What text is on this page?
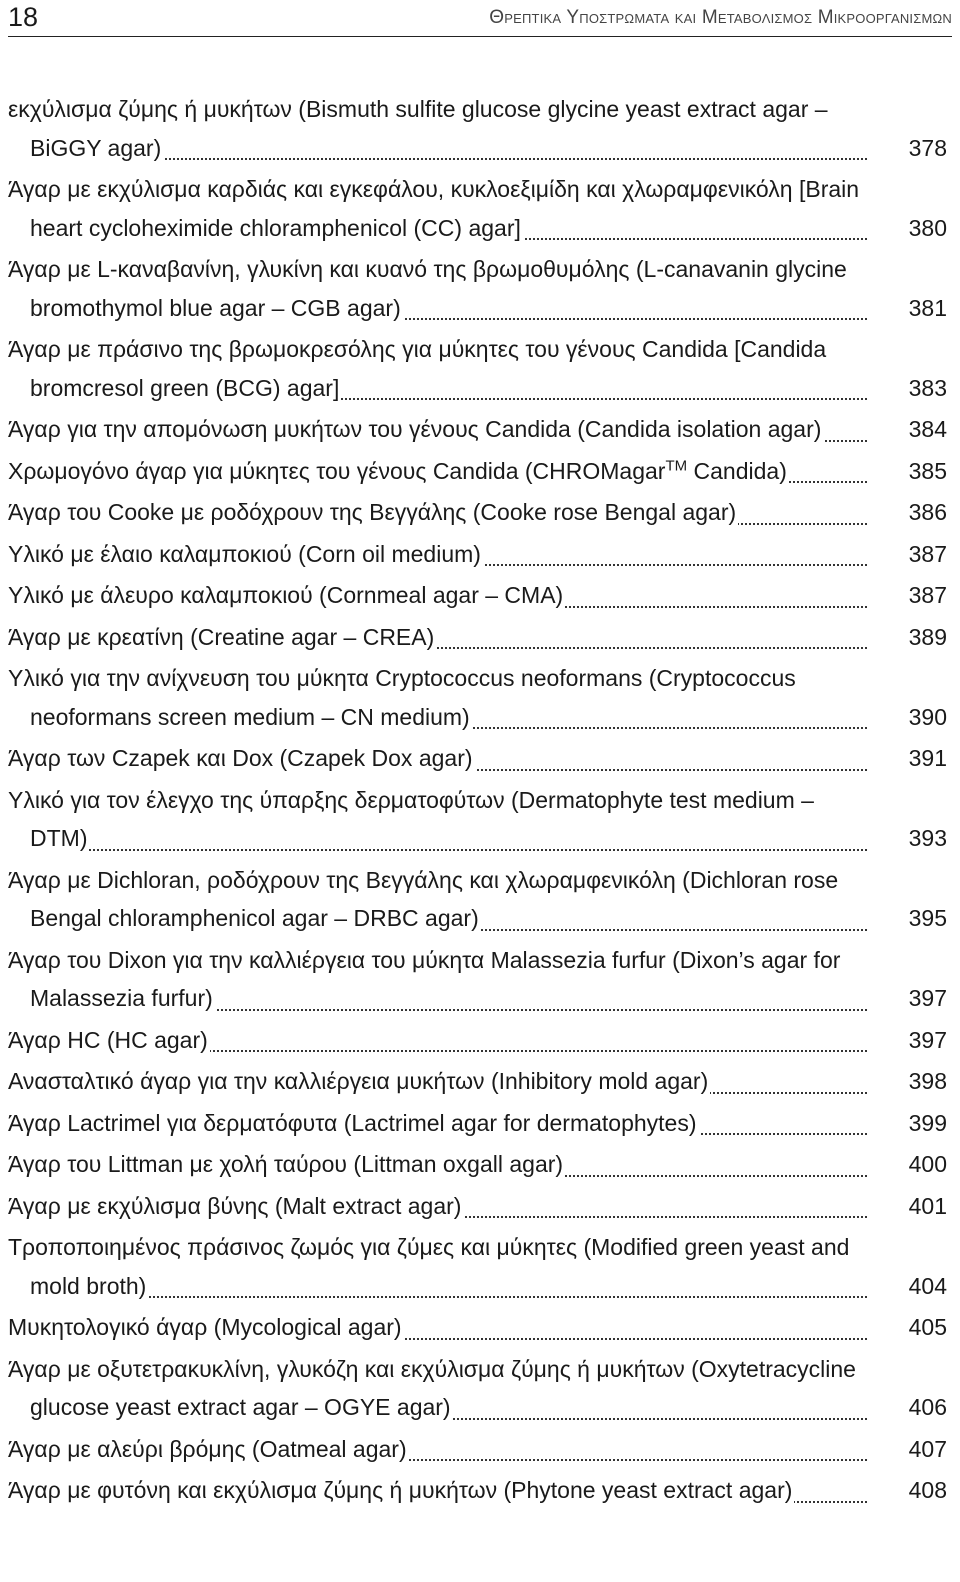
18	Θρεπτικα Υποστρωματα και Μεταβολισμος Μικροοργανισμων
εκχύλισμα ζύμης ή μυκήτων (Bismuth sulfite glucose glycine yeast extract agar – BiGGY agar)	378
Άγαρ με εκχύλισμα καρδιάς και εγκεφάλου, κυκλοεξιμίδη και χλωραμφενικόλη [Brain heart cycloheximide chloramphenicol (CC) agar]	380
Άγαρ με L-καναβανίνη, γλυκίνη και κυανό της βρωμοθυμόλης (L-canavanin glycine bromothymol blue agar – CGB agar)	381
Άγαρ με πράσινο της βρωμοκρεσόλης για μύκητες του γένους Candida [Candida bromcresol green (BCG) agar]	383
Άγαρ για την απομόνωση μυκήτων του γένους Candida (Candida isolation agar)	384
Χρωμογόνο άγαρ για μύκητες του γένους Candida (CHROMagar™ Candida)	385
Άγαρ του Cooke με ροδόχρουν της Βεγγάλης (Cooke rose Bengal agar)	386
Υλικό με έλαιο καλαμποκιού (Corn oil medium)	387
Υλικό με άλευρο καλαμποκιού (Cornmeal agar – CMA)	387
Άγαρ με κρεατίνη (Creatine agar – CREA)	389
Υλικό για την ανίχνευση του μύκητα Cryptococcus neoformans (Cryptococcus neoformans screen medium – CN medium)	390
Άγαρ των Czapek και Dox (Czapek Dox agar)	391
Υλικό για τον έλεγχο της ύπαρξης δερματοφύτων (Dermatophyte test medium – DTM)	393
Άγαρ με Dichloran, ροδόχρουν της Βεγγάλης και χλωραμφενικόλη (Dichloran rose Bengal chloramphenicol agar – DRBC agar)	395
Άγαρ του Dixon για την καλλιέργεια του μύκητα Malassezia furfur (Dixon’s agar for Malassezia furfur)	397
Άγαρ HC (HC agar)	397
Ανασταλτικό άγαρ για την καλλιέργεια μυκήτων (Inhibitory mold agar)	398
Άγαρ Lactrimel για δερματόφυτα (Lactrimel agar for dermatophytes)	399
Άγαρ του Littman με χολή ταύρου (Littman oxgall agar)	400
Άγαρ με εκχύλισμα βύνης (Malt extract agar)	401
Τροποποιημένος πράσινος ζωμός για ζύμες και μύκητες (Modified green yeast and mold broth)	404
Μυκητολογικό άγαρ (Mycological agar)	405
Άγαρ με οξυτετρακυκλίνη, γλυκόζη και εκχύλισμα ζύμης ή μυκήτων (Oxytetracycline glucose yeast extract agar – OGYE agar)	406
Άγαρ με αλεύρι βρόμης (Oatmeal agar)	407
Άγαρ με φυτόνη και εκχύλισμα ζύμης ή μυκήτων (Phytone yeast extract agar)	408
